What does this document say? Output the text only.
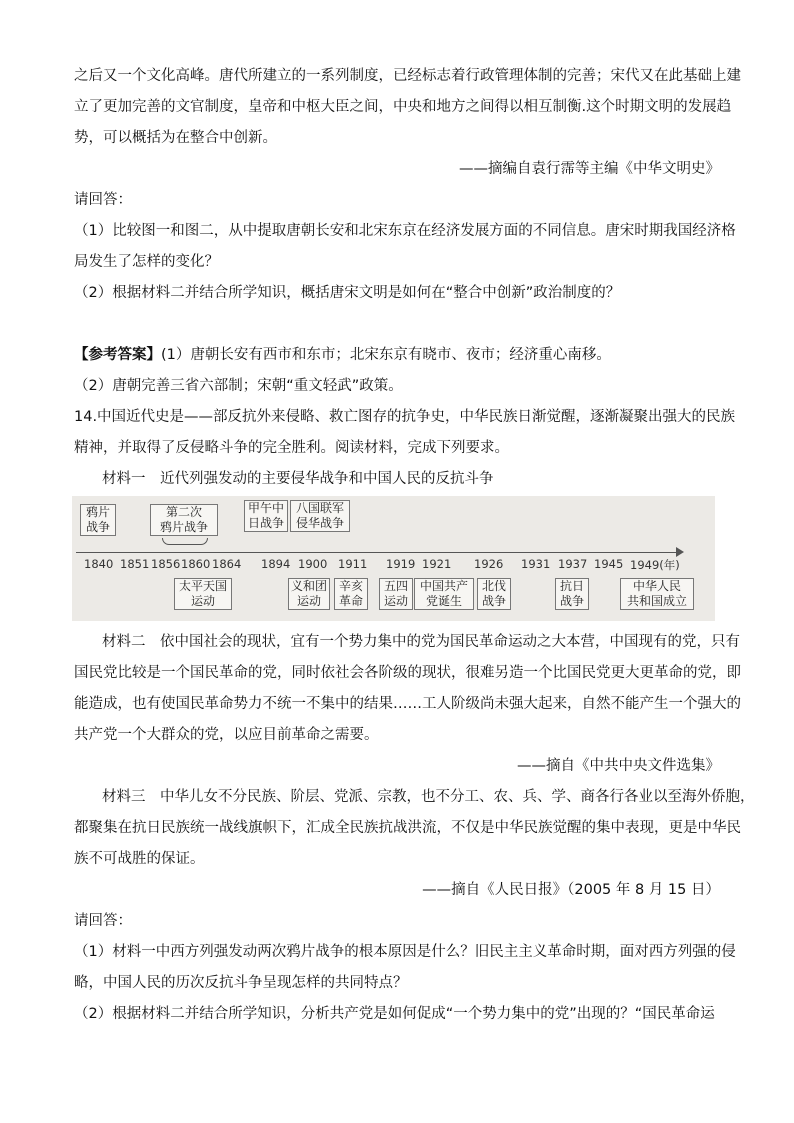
之后又一个文化高峰。唐代所建立的一系列制度，已经标志着行政管理体制的完善；宋代又在此基础上建
立了更加完善的文官制度，皇帝和中枢大臣之间，中央和地方之间得以相互制衡.这个时期文明的发展趋
势，可以概括为在整合中创新。
——摘编自袁行霈等主编《中华文明史》
请回答：
（1）比较图一和图二，从中提取唐朝长安和北宋东京在经济发展方面的不同信息。唐宋时期我国经济格
局发生了怎样的变化？
（2）根据材料二并结合所学知识，概括唐宋文明是如何在“整合中创新”政治制度的？
【参考答案】(1）唐朝长安有西市和东市；北宋东京有晓市、夜市；经济重心南移。
（2）唐朝完善三省六部制；宋朝“重文轻武”政策。
14.中国近代史是——部反抗外来侵略、救亡图存的抗争史，中华民族日渐觉醒，逐渐凝聚出强大的民族
精神，并取得了反侵略斗争的完全胜利。阅读材料，完成下列要求。
材料一　近代列强发动的主要侵华战争和中国人民的反抗斗争
鸦片
战争
第二次
鸦片战争
甲午中
日战争
八国联军
侵华战争
1840 1851 1856 1860 1864 1894 1900 1911 1919 1921 1926 1931 1937 1945 1949(年)
太平天国
运动
义和团
运动
辛亥
革命
五四
运动
中国共产
党诞生
北伐
战争
抗日
战争
中华人民
共和国成立
材料二　依中国社会的现状，宜有一个势力集中的党为国民革命运动之大本营，中国现有的党，只有
国民党比较是一个国民革命的党，同时依社会各阶级的现状，很难另造一个比国民党更大更革命的党，即
能造成，也有使国民革命势力不统一不集中的结果……工人阶级尚未强大起来，自然不能产生一个强大的
共产党一个大群众的党，以应目前革命之需要。
——摘自《中共中央文件选集》
材料三　中华儿女不分民族、阶层、党派、宗教，也不分工、农、兵、学、商各行各业以至海外侨胞，
都聚集在抗日民族统一战线旗帜下，汇成全民族抗战洪流，不仅是中华民族觉醒的集中表现，更是中华民
族不可战胜的保证。
——摘自《人民日报》（2005 年 8 月 15 日）
请回答：
（1）材料一中西方列强发动两次鸦片战争的根本原因是什么？旧民主主义革命时期，面对西方列强的侵
略，中国人民的历次反抗斗争呈现怎样的共同特点？
（2）根据材料二并结合所学知识，分析共产党是如何促成“一个势力集中的党”出现的？“国民革命运
